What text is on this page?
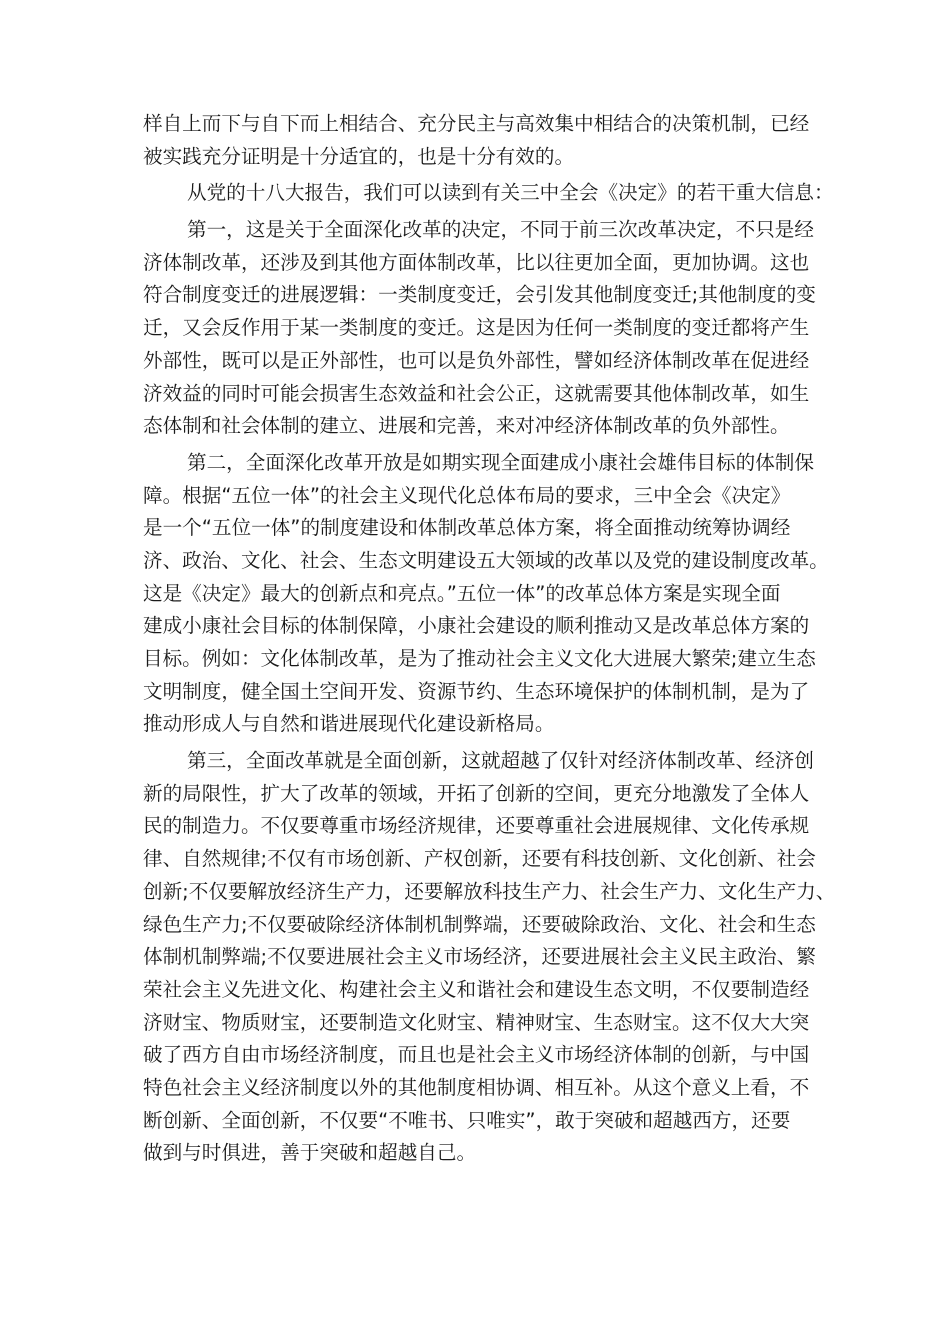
样自上而下与自下而上相结合、充分民主与高效集中相结合的决策机制，已经
被实践充分证明是十分适宜的，也是十分有效的。
从党的十八大报告，我们可以读到有关三中全会《决定》的若干重大信息：
第一，这是关于全面深化改革的决定，不同于前三次改革决定，不只是经
济体制改革，还涉及到其他方面体制改革，比以往更加全面，更加协调。这也
符合制度变迁的进展逻辑：一类制度变迁，会引发其他制度变迁;其他制度的变
迁，又会反作用于某一类制度的变迁。这是因为任何一类制度的变迁都将产生
外部性，既可以是正外部性，也可以是负外部性，譬如经济体制改革在促进经
济效益的同时可能会损害生态效益和社会公正，这就需要其他体制改革，如生
态体制和社会体制的建立、进展和完善，来对冲经济体制改革的负外部性。
第二，全面深化改革开放是如期实现全面建成小康社会雄伟目标的体制保
障。根据“五位一体”的社会主义现代化总体布局的要求，三中全会《决定》
是一个“五位一体”的制度建设和体制改革总体方案，将全面推动统筹协调经
济、政治、文化、社会、生态文明建设五大领域的改革以及党的建设制度改革。
这是《决定》最大的创新点和亮点。”五位一体”的改革总体方案是实现全面
建成小康社会目标的体制保障，小康社会建设的顺利推动又是改革总体方案的
目标。例如：文化体制改革，是为了推动社会主义文化大进展大繁荣;建立生态
文明制度，健全国土空间开发、资源节约、生态环境保护的体制机制，是为了
推动形成人与自然和谐进展现代化建设新格局。
第三，全面改革就是全面创新，这就超越了仅针对经济体制改革、经济创
新的局限性，扩大了改革的领域，开拓了创新的空间，更充分地激发了全体人
民的制造力。不仅要尊重市场经济规律，还要尊重社会进展规律、文化传承规
律、自然规律;不仅有市场创新、产权创新，还要有科技创新、文化创新、社会
创新;不仅要解放经济生产力，还要解放科技生产力、社会生产力、文化生产力、
绿色生产力;不仅要破除经济体制机制弊端，还要破除政治、文化、社会和生态
体制机制弊端;不仅要进展社会主义市场经济，还要进展社会主义民主政治、繁
荣社会主义先进文化、构建社会主义和谐社会和建设生态文明，不仅要制造经
济财宝、物质财宝，还要制造文化财宝、精神财宝、生态财宝。这不仅大大突
破了西方自由市场经济制度，而且也是社会主义市场经济体制的创新，与中国
特色社会主义经济制度以外的其他制度相协调、相互补。从这个意义上看，不
断创新、全面创新，不仅要“不唯书、只唯实”，敢于突破和超越西方，还要
做到与时俱进，善于突破和超越自己。
